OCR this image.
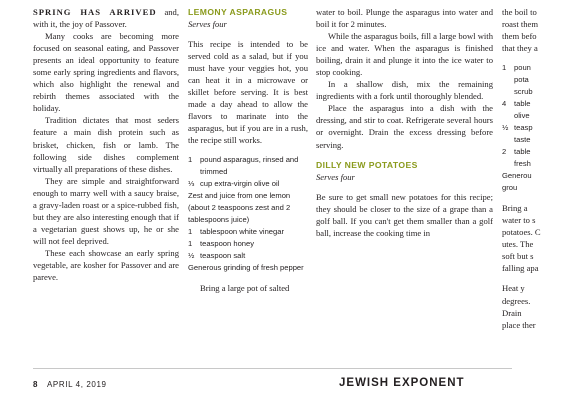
SPRING HAS ARRIVED and, with it, the joy of Passover.

Many cooks are becoming more focused on seasonal eating, and Passover presents an ideal opportunity to feature some early spring ingredients and flavors, which also highlight the renewal and rebirth themes associated with the holiday.

Tradition dictates that most seders feature a main dish protein such as brisket, chicken, fish or lamb. The following side dishes complement virtually all preparations of these dishes.

They are simple and straightforward enough to marry well with a saucy braise, a gravy-laden roast or a spice-rubbed fish, but they are also interesting enough that if a vegetarian guest shows up, he or she will not feel deprived.

These each showcase an early spring vegetable, are kosher for Passover and are pareve.

LEMONY ASPARAGUS

Serves four

This recipe is intended to be served cold as a salad, but if you must have your veggies hot, you can heat it in a microwave or skillet before serving. It is best made a day ahead to allow the flavors to marinate into the asparagus, but if you are in a rush, the recipe still works.

1 pound asparagus, rinsed and trimmed
⅓ cup extra-virgin olive oil
Zest and juice from one lemon (about 2 teaspoons zest and 2 tablespoons juice)
1 tablespoon white vinegar
1 teaspoon honey
½ teaspoon salt
Generous grinding of fresh pepper

Bring a large pot of salted

water to boil. Plunge the asparagus into water and boil it for 2 minutes.

While the asparagus boils, fill a large bowl with ice and water. When the asparagus is finished boiling, drain it and plunge it into the ice water to stop cooking.

In a shallow dish, mix the remaining ingredients with a fork until thoroughly blended.

Place the asparagus into a dish with the dressing, and stir to coat. Refrigerate several hours or overnight. Drain the excess dressing before serving.

DILLY NEW POTATOES

Serves four

Be sure to get small new potatoes for this recipe; they should be closer to the size of a grape than a golf ball. If you can't get them smaller than a golf ball, increase the cooking time in

the boil to
roast them
them befo
that they a
1 poun
pota
scrub
4 table
olive
½ teasp
taste
2 table
fresh
Generou
grou
Bring a
water to s
potatoes. C
utes. The
soft but s
falling apa
Heat y
degrees.
Drain
place ther
8 APRIL 4, 2019	JEWISH EXPONENT
